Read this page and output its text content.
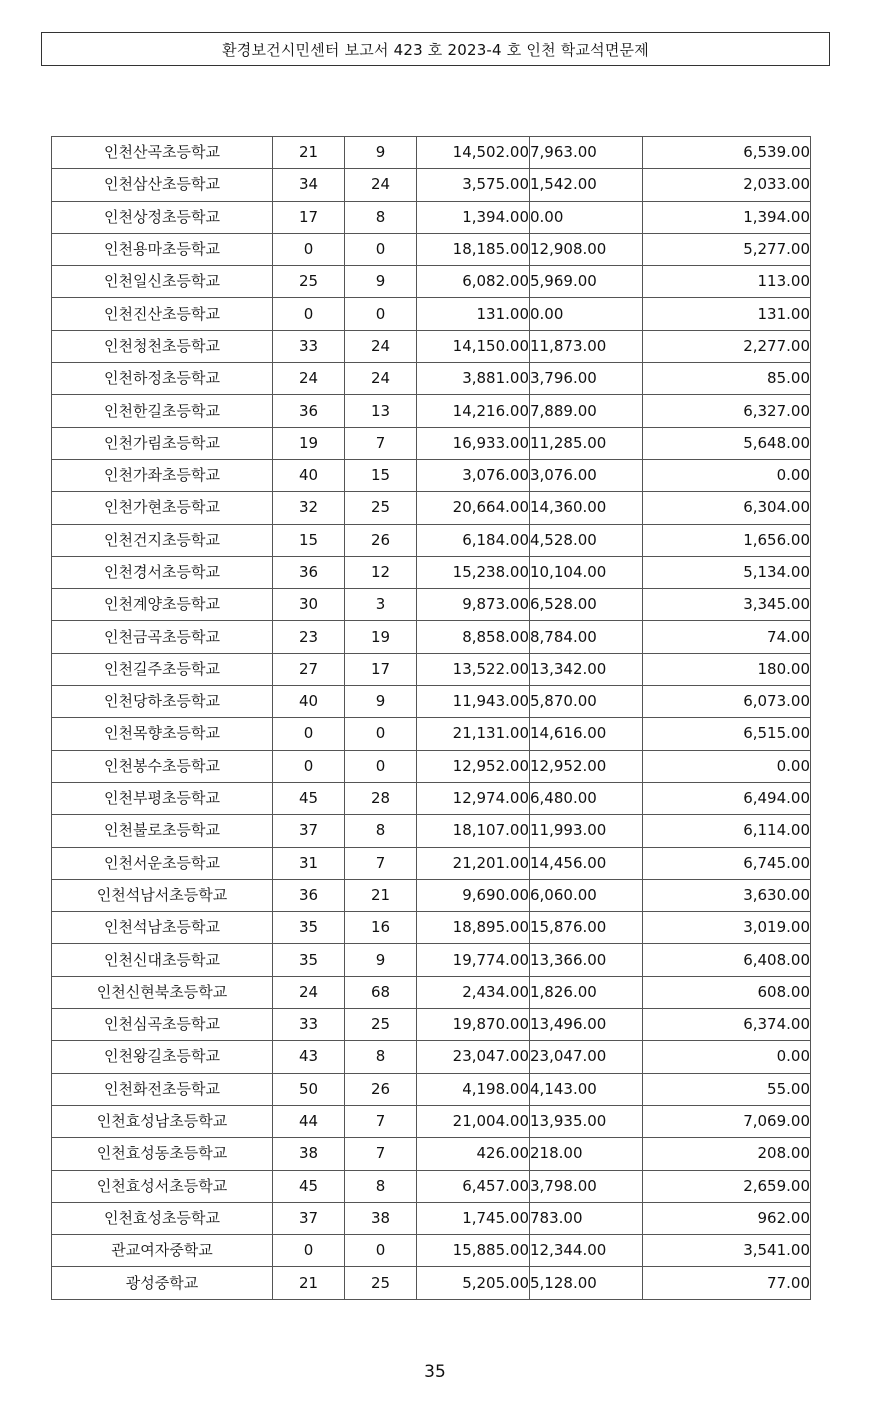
환경보건시민센터 보고서 423 호 2023-4 호 인천 학교석면문제
인천산곡초등학교	21	9	14,502.00	7,963.00	6,539.00
인천삼산초등학교	34	24	3,575.00	1,542.00	2,033.00
인천상정초등학교	17	8	1,394.00	0.00	1,394.00
인천용마초등학교	0	0	18,185.00	12,908.00	5,277.00
인천일신초등학교	25	9	6,082.00	5,969.00	113.00
인천진산초등학교	0	0	131.00	0.00	131.00
인천청천초등학교	33	24	14,150.00	11,873.00	2,277.00
인천하정초등학교	24	24	3,881.00	3,796.00	85.00
인천한길초등학교	36	13	14,216.00	7,889.00	6,327.00
인천가림초등학교	19	7	16,933.00	11,285.00	5,648.00
인천가좌초등학교	40	15	3,076.00	3,076.00	0.00
인천가현초등학교	32	25	20,664.00	14,360.00	6,304.00
인천건지초등학교	15	26	6,184.00	4,528.00	1,656.00
인천경서초등학교	36	12	15,238.00	10,104.00	5,134.00
인천계양초등학교	30	3	9,873.00	6,528.00	3,345.00
인천금곡초등학교	23	19	8,858.00	8,784.00	74.00
인천길주초등학교	27	17	13,522.00	13,342.00	180.00
인천당하초등학교	40	9	11,943.00	5,870.00	6,073.00
인천목향초등학교	0	0	21,131.00	14,616.00	6,515.00
인천봉수초등학교	0	0	12,952.00	12,952.00	0.00
인천부평초등학교	45	28	12,974.00	6,480.00	6,494.00
인천불로초등학교	37	8	18,107.00	11,993.00	6,114.00
인천서운초등학교	31	7	21,201.00	14,456.00	6,745.00
인천석남서초등학교	36	21	9,690.00	6,060.00	3,630.00
인천석남초등학교	35	16	18,895.00	15,876.00	3,019.00
인천신대초등학교	35	9	19,774.00	13,366.00	6,408.00
인천신현북초등학교	24	68	2,434.00	1,826.00	608.00
인천심곡초등학교	33	25	19,870.00	13,496.00	6,374.00
인천왕길초등학교	43	8	23,047.00	23,047.00	0.00
인천화전초등학교	50	26	4,198.00	4,143.00	55.00
인천효성남초등학교	44	7	21,004.00	13,935.00	7,069.00
인천효성동초등학교	38	7	426.00	218.00	208.00
인천효성서초등학교	45	8	6,457.00	3,798.00	2,659.00
인천효성초등학교	37	38	1,745.00	783.00	962.00
관교여자중학교	0	0	15,885.00	12,344.00	3,541.00
광성중학교	21	25	5,205.00	5,128.00	77.00
35
